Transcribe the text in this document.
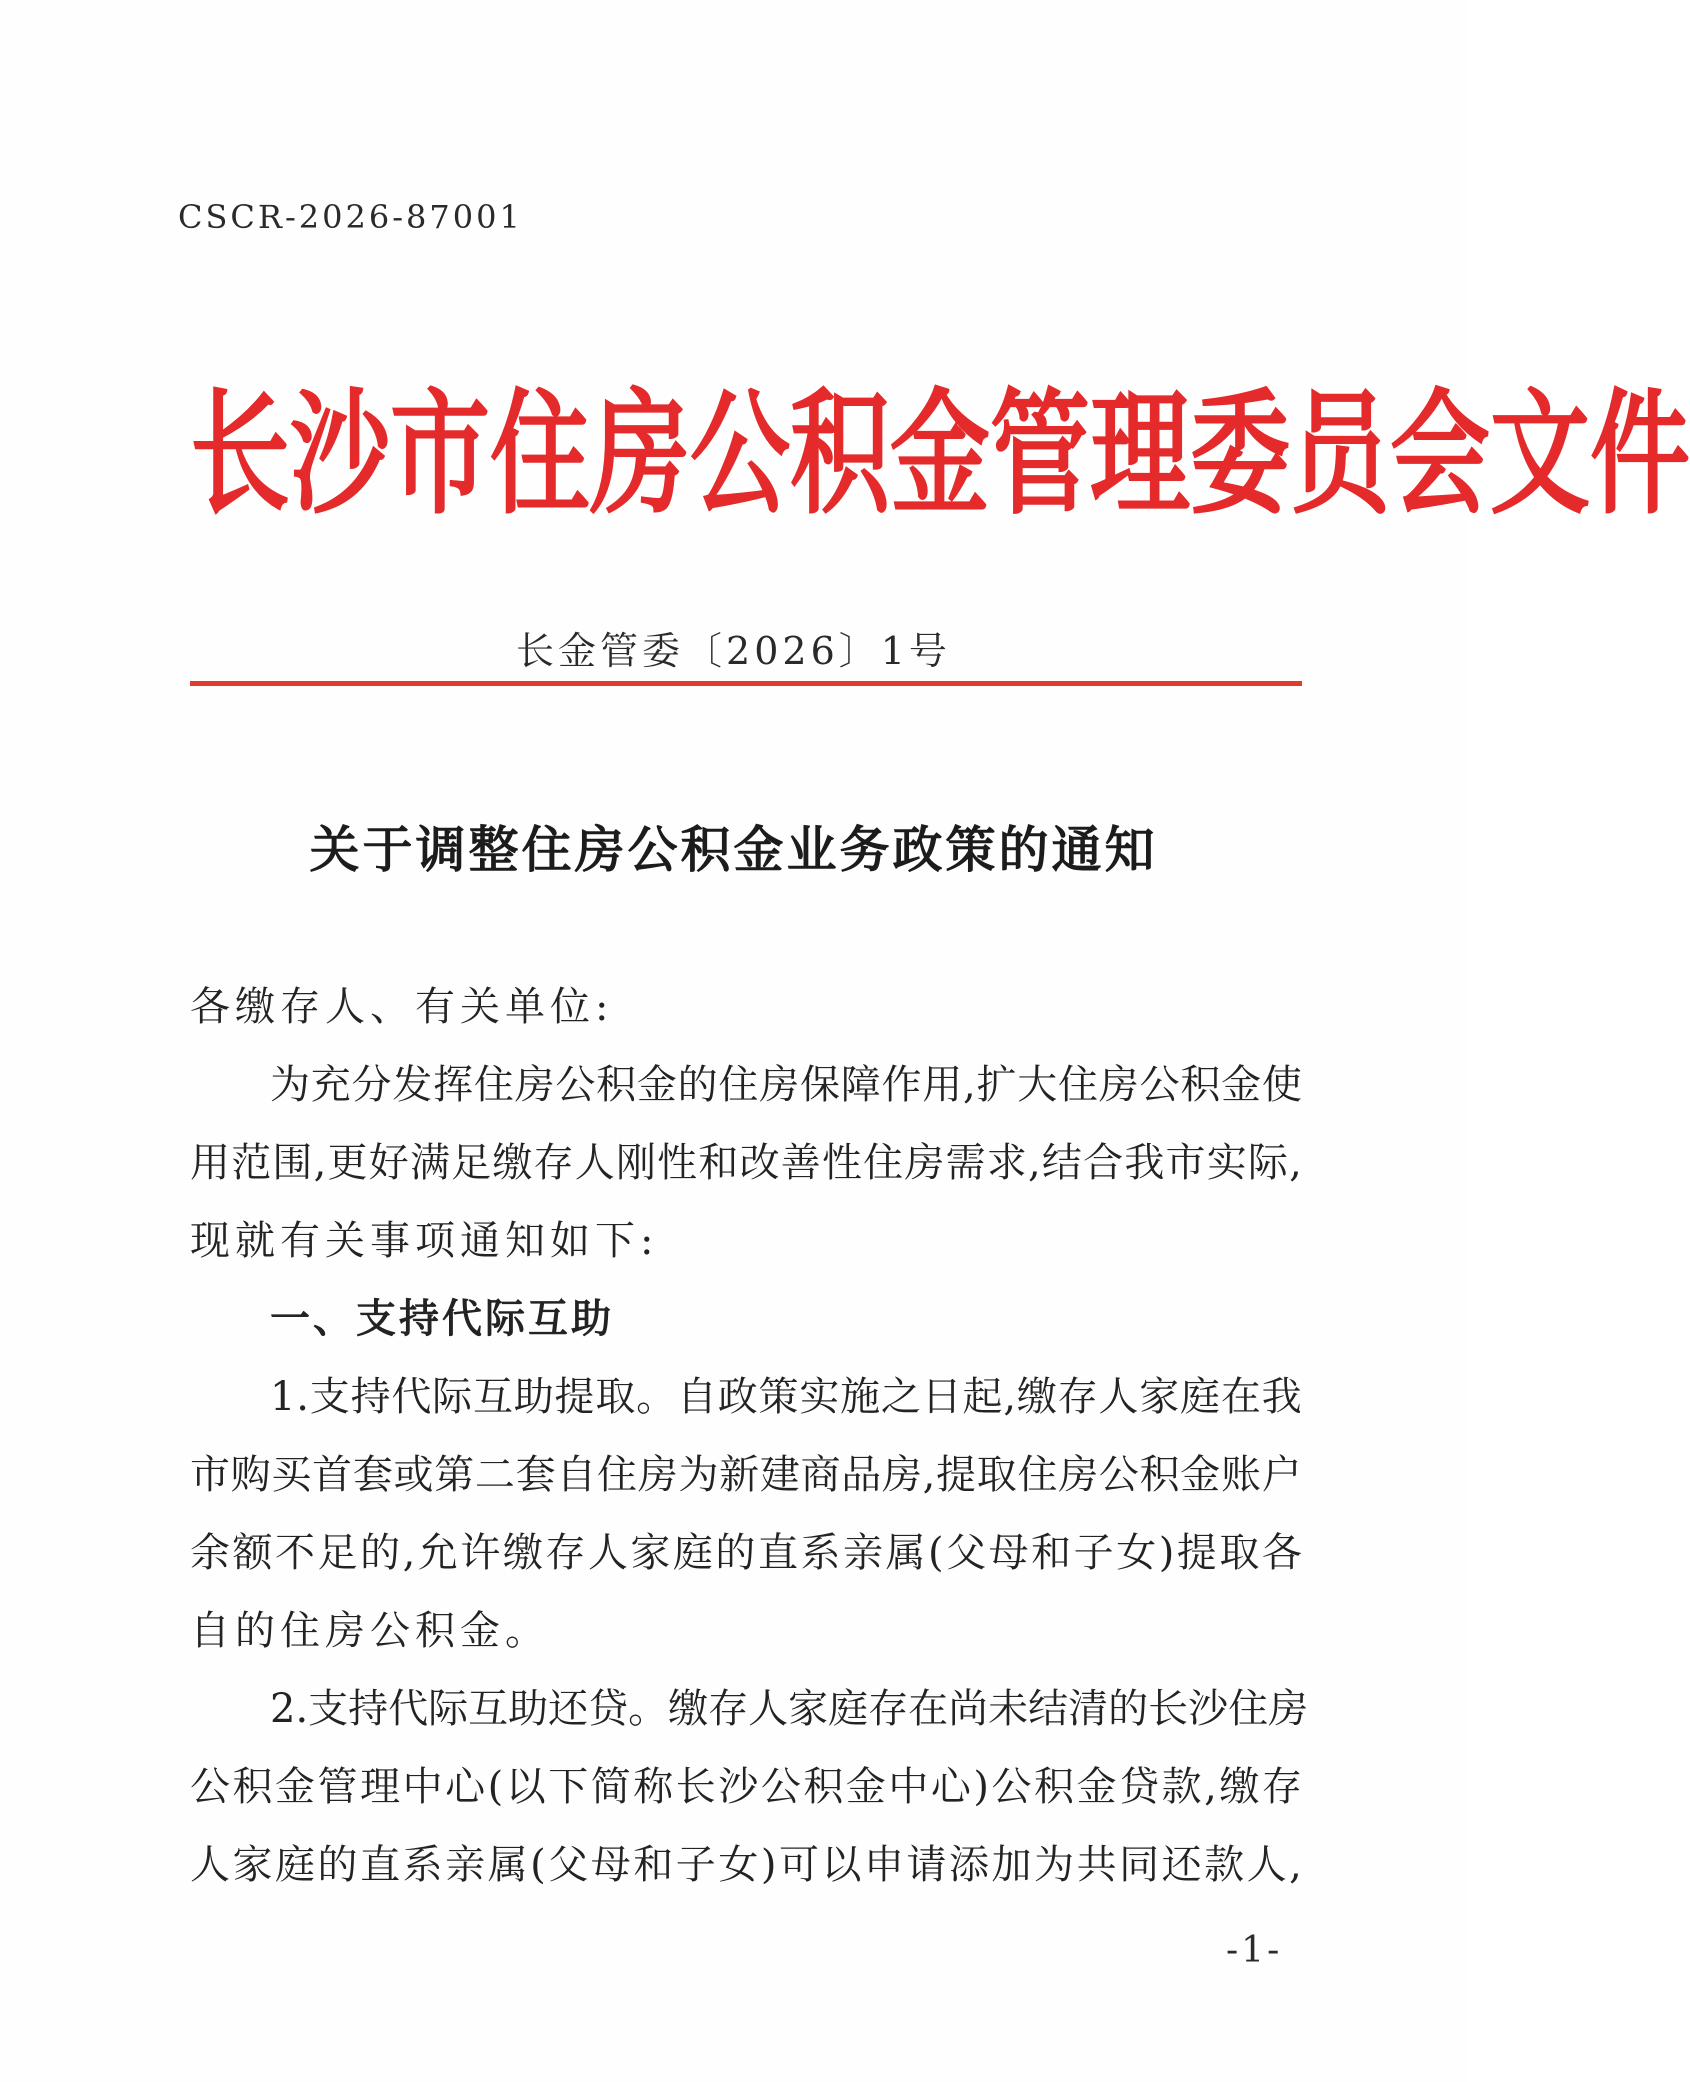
CSCR-2026-87001
长 沙 市 住 房 公 积 金 管 理 委 员 会 文 件
长金管委〔2026〕1号
关于调整住房公积金业务政策的通知
各缴存人、有关单位:
为 充 分 发 挥 住 房 公 积 金 的 住 房 保 障 作 用 , 扩 大 住 房 公 积 金 使
用 范 围 , 更 好 满 足 缴 存 人 刚 性 和 改 善 性 住 房 需 求 , 结 合 我 市 实 际 ,
现就有关事项通知如下:
一、支持代际互助
1 . 支 持 代 际 互 助 提 取 。 自 政 策 实 施 之 日 起 , 缴 存 人 家 庭 在 我
市 购 买 首 套 或 第 二 套 自 住 房 为 新 建 商 品 房 , 提 取 住 房 公 积 金 账 户
余 额 不 足 的 , 允 许 缴 存 人 家 庭 的 直 系 亲 属 ( 父 母 和 子 女 ) 提 取 各
自的住房公积金。
2 . 支 持 代 际 互 助 还 贷 。 缴 存 人 家 庭 存 在 尚 未 结 清 的 长 沙 住 房
公 积 金 管 理 中 心 ( 以 下 简 称 长 沙 公 积 金 中 心 ) 公 积 金 贷 款 , 缴 存
人 家 庭 的 直 系 亲 属 ( 父 母 和 子 女 ) 可 以 申 请 添 加 为 共 同 还 款 人 ,
-1-
